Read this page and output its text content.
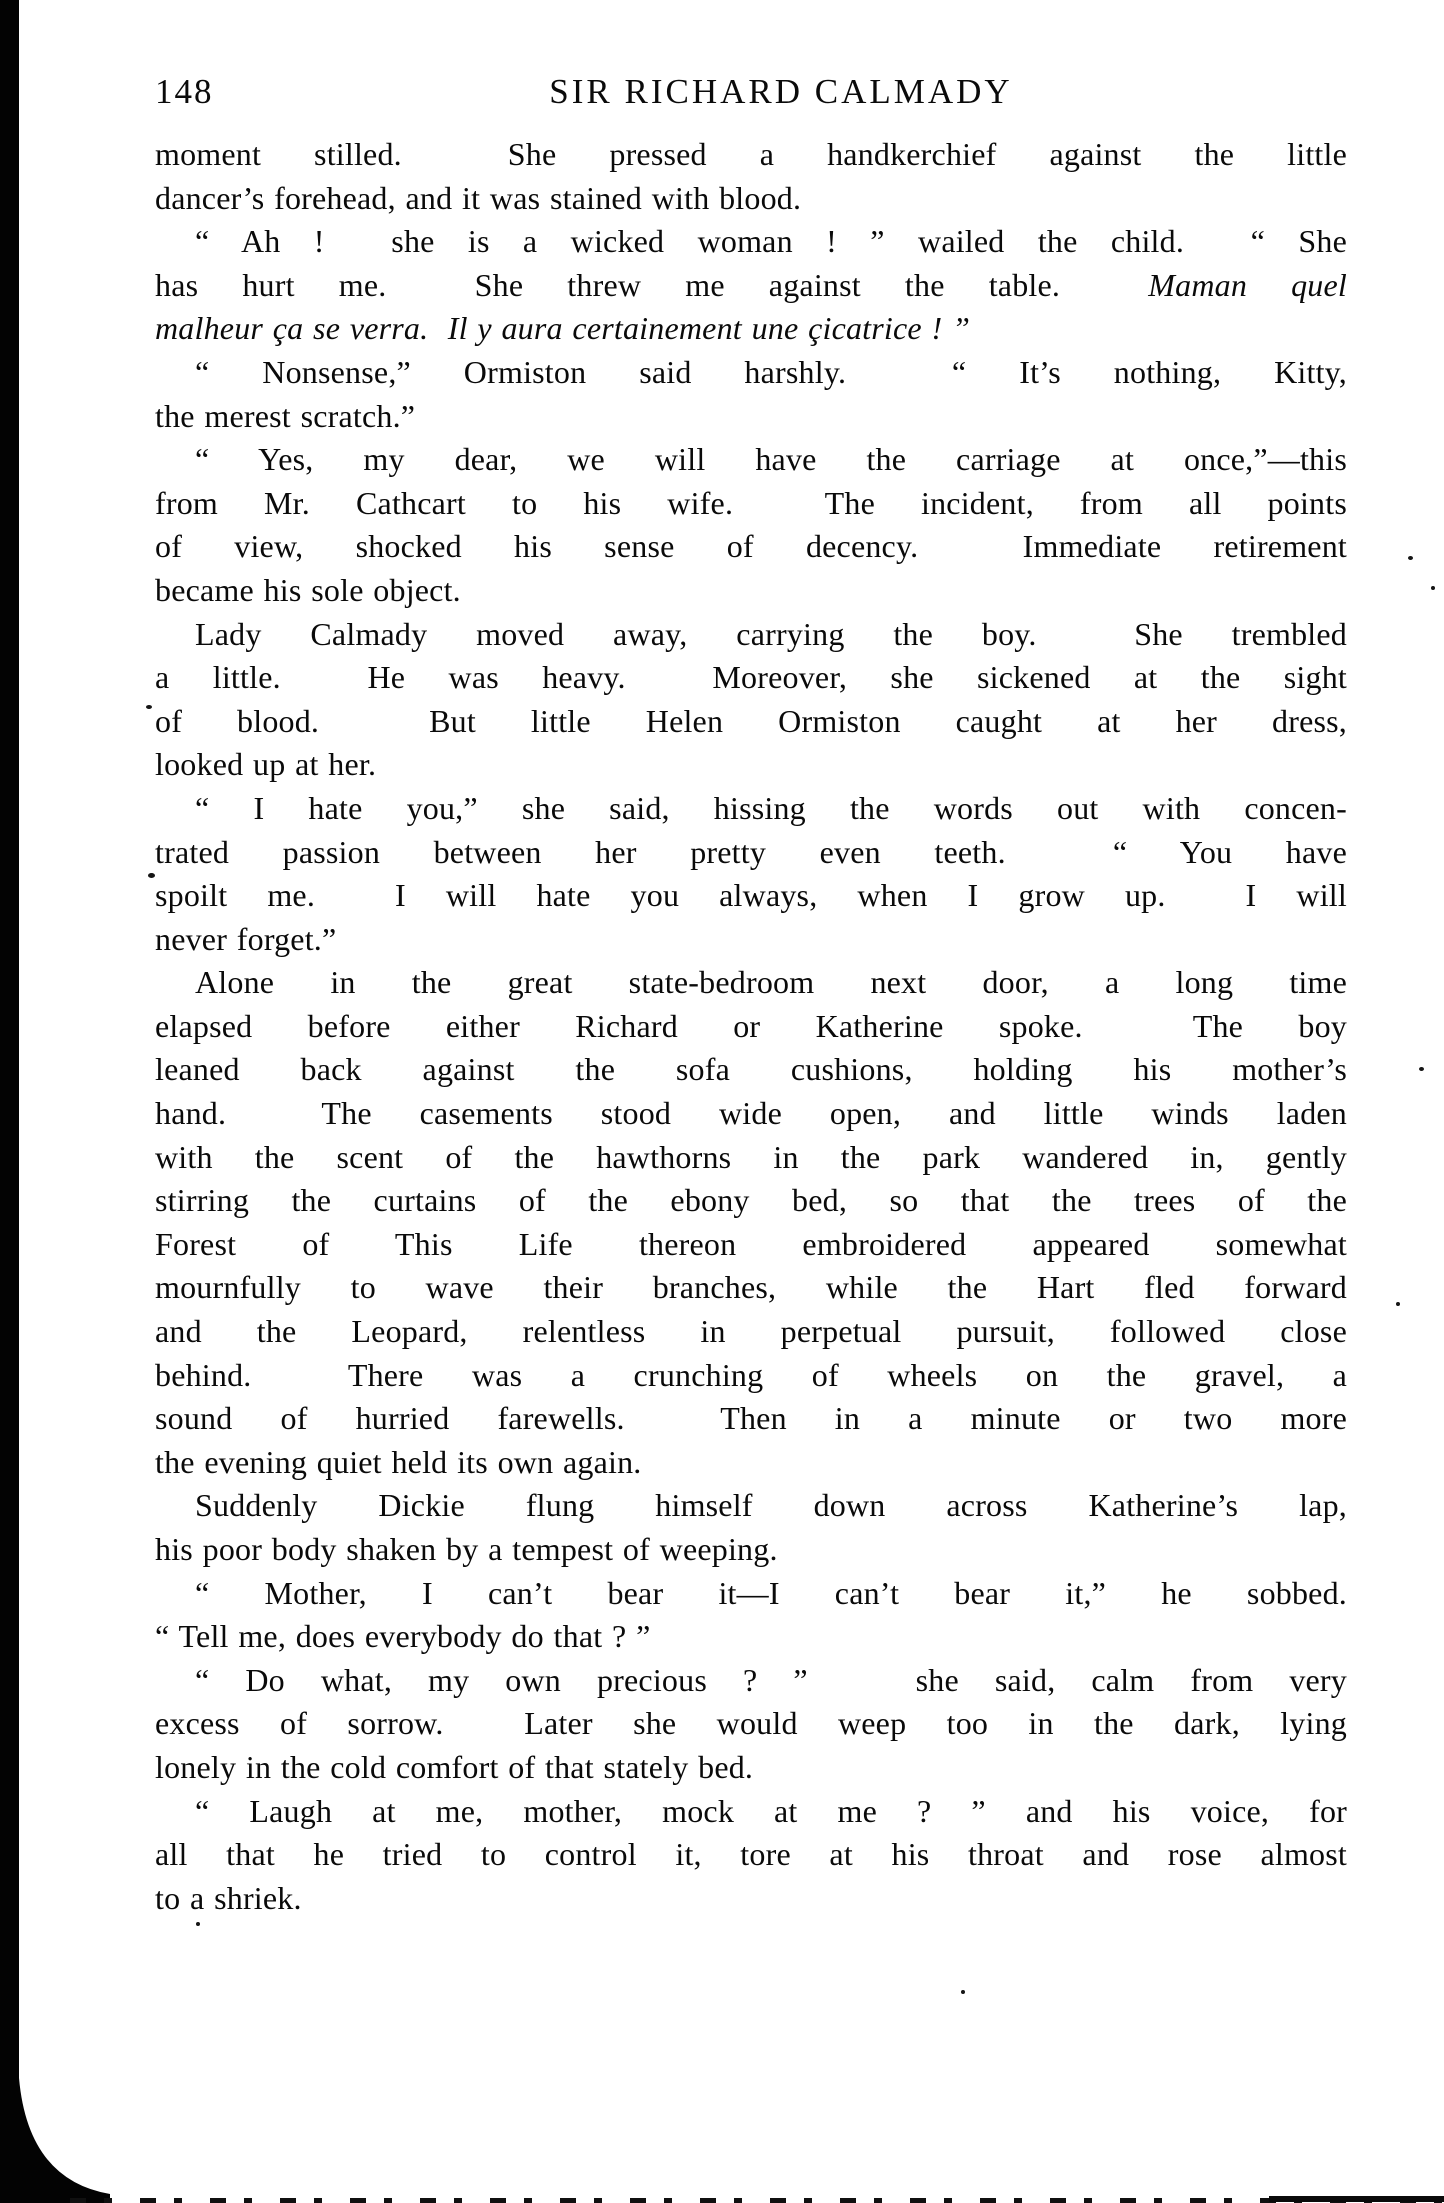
148	SIR RICHARD CALMADY
moment stilled.  She pressed a handkerchief against the little
dancer’s forehead, and it was stained with blood.
“ Ah !  she is a wicked woman ! ” wailed the child.  “ She
has hurt me.  She threw me against the table.  Maman quel
malheur ça se verra.  Il y aura certainement une çicatrice ! ”
“ Nonsense,” Ormiston said harshly.  “ It’s nothing, Kitty,
the merest scratch.”
“ Yes, my dear, we will have the carriage at once,”—this
from Mr. Cathcart to his wife.  The incident, from all points
of view, shocked his sense of decency.  Immediate retirement
became his sole object.
Lady Calmady moved away, carrying the boy.  She trembled
a little.  He was heavy.  Moreover, she sickened at the sight
of blood.  But little Helen Ormiston caught at her dress,
looked up at her.
“ I hate you,” she said, hissing the words out with concen-
trated passion between her pretty even teeth.  “ You have
spoilt me.  I will hate you always, when I grow up.  I will
never forget.”
Alone in the great state-bedroom next door, a long time
elapsed before either Richard or Katherine spoke.  The boy
leaned back against the sofa cushions, holding his mother’s
hand.  The casements stood wide open, and little winds laden
with the scent of the hawthorns in the park wandered in, gently
stirring the curtains of the ebony bed, so that the trees of the
Forest of This Life thereon embroidered appeared somewhat
mournfully to wave their branches, while the Hart fled forward
and the Leopard, relentless in perpetual pursuit, followed close
behind.  There was a crunching of wheels on the gravel, a
sound of hurried farewells.  Then in a minute or two more
the evening quiet held its own again.
Suddenly Dickie flung himself down across Katherine’s lap,
his poor body shaken by a tempest of weeping.
“ Mother, I can’t bear it—I can’t bear it,” he sobbed.
“ Tell me, does everybody do that ? ”
“ Do what, my own precious ? ”   she said, calm from very
excess of sorrow.  Later she would weep too in the dark, lying
lonely in the cold comfort of that stately bed.
“ Laugh at me, mother, mock at me ? ” and his voice, for
all that he tried to control it, tore at his throat and rose almost
to a shriek.
